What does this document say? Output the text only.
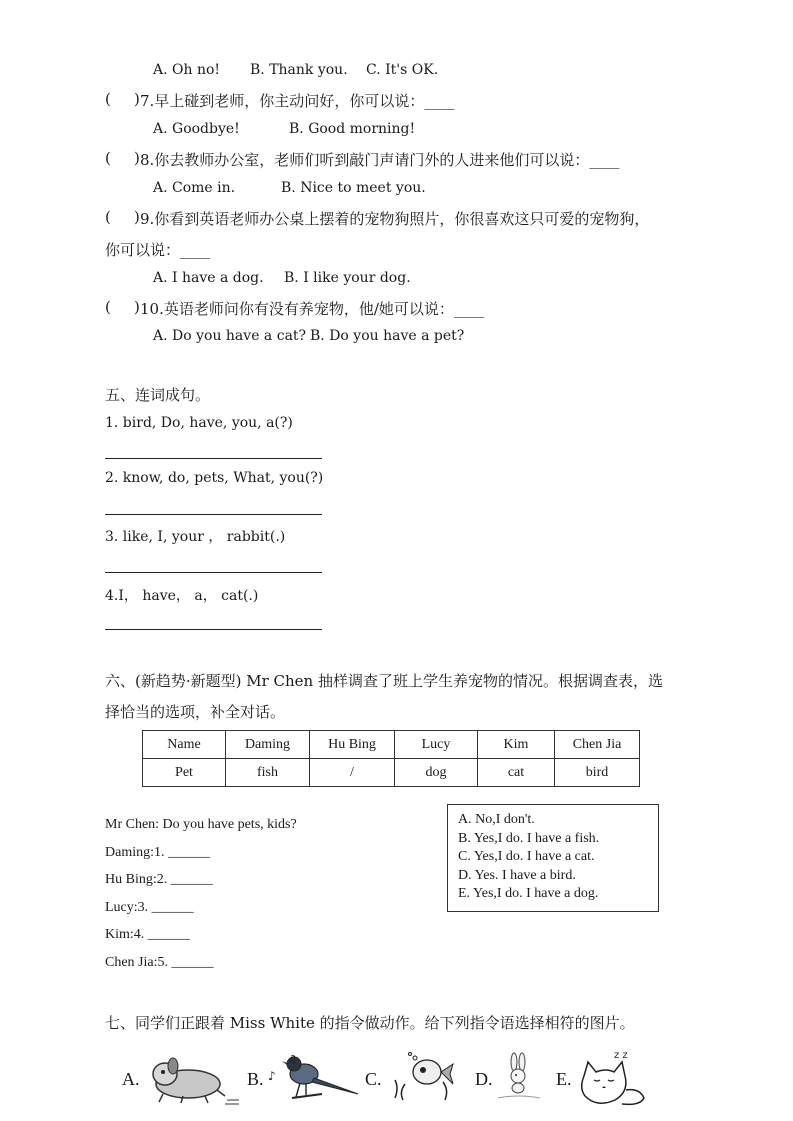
A. Oh no! B. Thank you. C. It's OK.
( ) 7.早上碰到老师，你主动问好，你可以说：____
A. Goodbye!	B. Good morning!
( ) 8.你去教师办公室，老师们听到敲门声请门外的人进来他们可以说：____
A. Come in.	B. Nice to meet you.
( ) 9.你看到英语老师办公桌上摆着的宠物狗照片，你很喜欢这只可爱的宠物狗，
你可以说：____
A. I have a dog. B. I like your dog.
( ) 10.英语老师问你有没有养宠物，他/她可以说：____
A. Do you have a cat? B. Do you have a pet?
五、连词成句。
1. bird, Do, have, you, a(?)
2. know, do, pets, What, you(?)
3. like, I, your ， rabbit(.)
4.I， have， a， cat(.)
六、(新趋势·新题型) Mr Chen 抽样调查了班上学生养宠物的情况。根据调查表，选
择恰当的选项，补全对话。
Name	Daming	Hu Bing	Lucy	Kim	Chen Jia
Pet	fish	/	dog	cat	bird
Mr Chen: Do you have pets, kids?
Daming:1. ______
Hu Bing:2. ______
Lucy:3. ______
Kim:4. ______
Chen Jia:5. ______
A. No,I don't.
B. Yes,I do. I have a fish.
C. Yes,I do. I have a cat.
D. Yes. I have a bird.
E. Yes,I do. I have a dog.
七、同学们正跟着 Miss White 的指令做动作。给下列指令语选择相符的图片。
A.	B. ♪
♫
C.	D.	E.
z z
